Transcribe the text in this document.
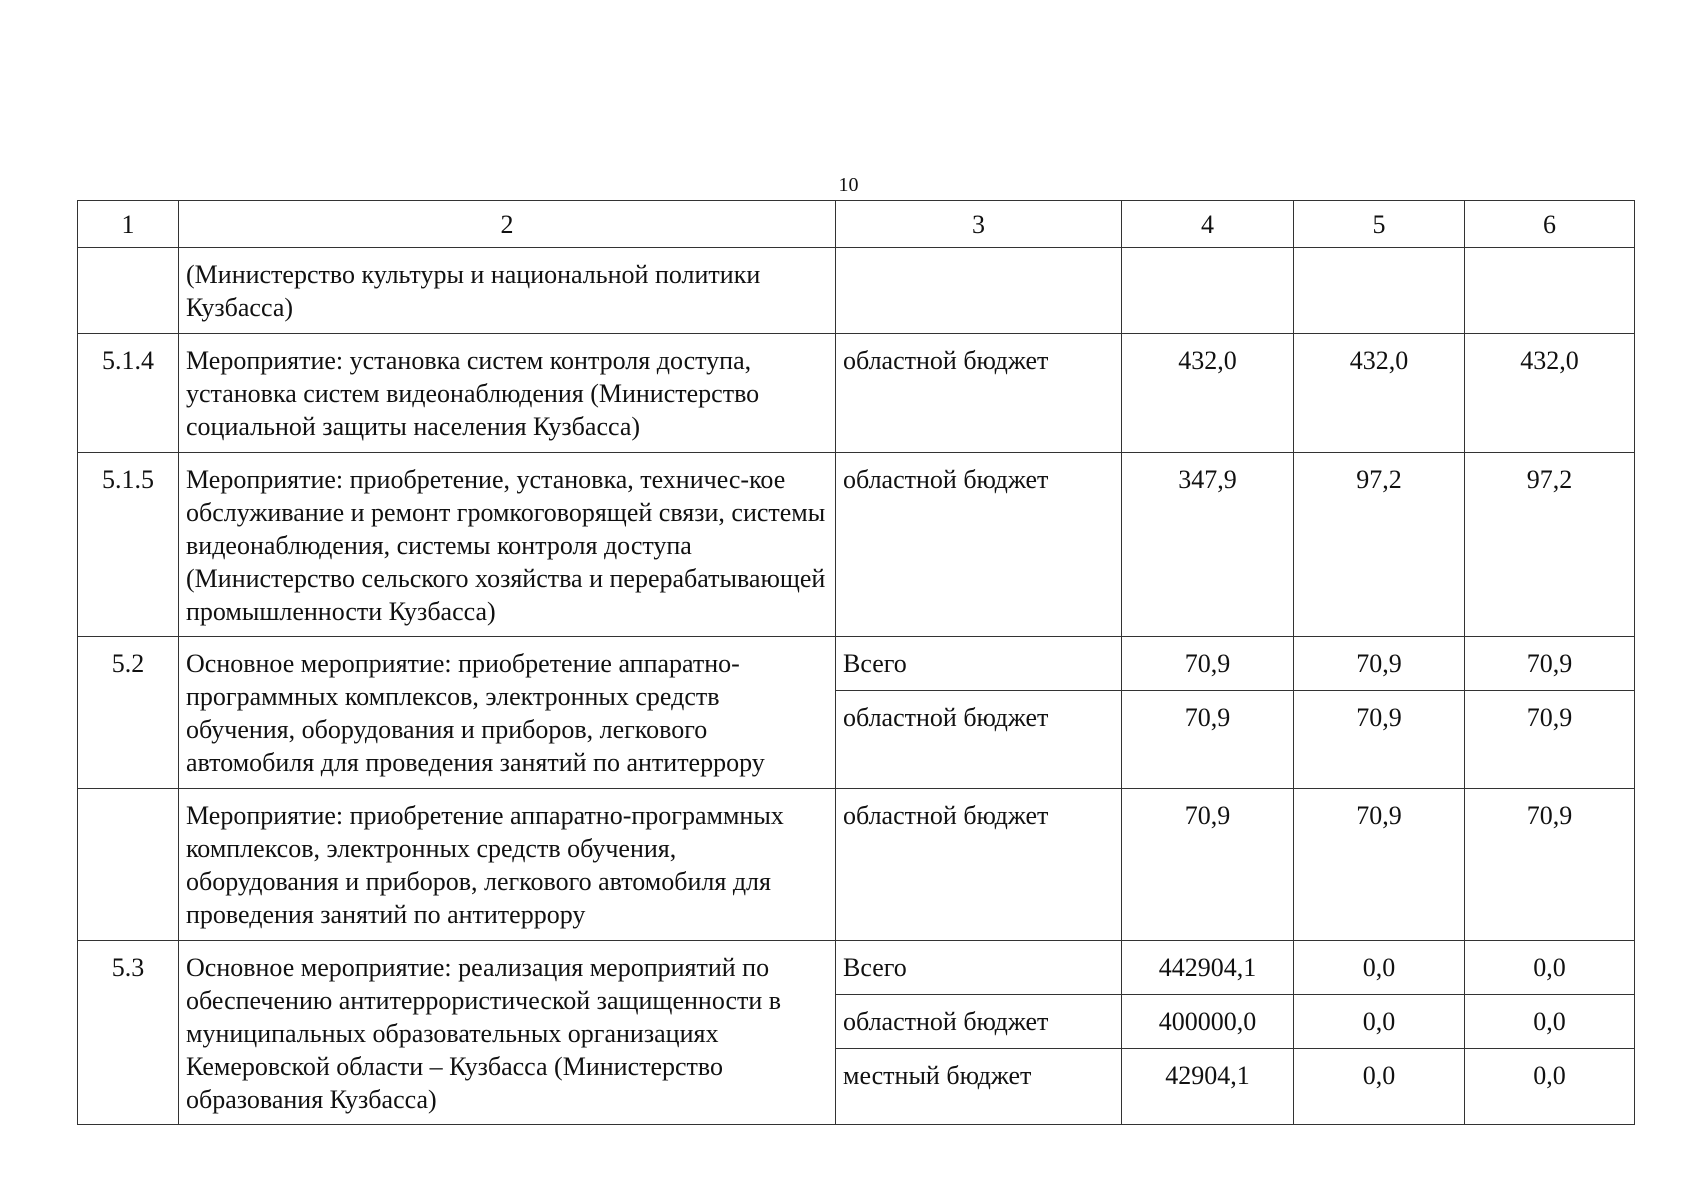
10
1	2	3	4	5	6
	(Министерство культуры и национальной политики Кузбасса)				
5.1.4	Мероприятие: установка систем контроля доступа, установка систем видеонаблюдения (Министерство социальной защиты населения Кузбасса)	областной бюджет	432,0	432,0	432,0
5.1.5	Мероприятие: приобретение, установка, техничес-кое обслуживание и ремонт громкоговорящей связи, системы видеонаблюдения, системы контроля доступа (Министерство сельского хозяйства и перерабатывающей промышленности Кузбасса)	областной бюджет	347,9	97,2	97,2
5.2	Основное мероприятие: приобретение аппаратно-программных комплексов, электронных средств обучения, оборудования и приборов, легкового автомобиля для проведения занятий по антитеррору	Всего	70,9	70,9	70,9
		областной бюджет	70,9	70,9	70,9
	Мероприятие: приобретение аппаратно-программных комплексов, электронных средств обучения, оборудования и приборов, легкового автомобиля для проведения занятий по антитеррору	областной бюджет	70,9	70,9	70,9
5.3	Основное мероприятие: реализация мероприятий по обеспечению антитеррористической защищенности в муниципальных образовательных организациях Кемеровской области – Кузбасса (Министерство образования Кузбасса)	Всего	442904,1	0,0	0,0
		областной бюджет	400000,0	0,0	0,0
		местный бюджет	42904,1	0,0	0,0
